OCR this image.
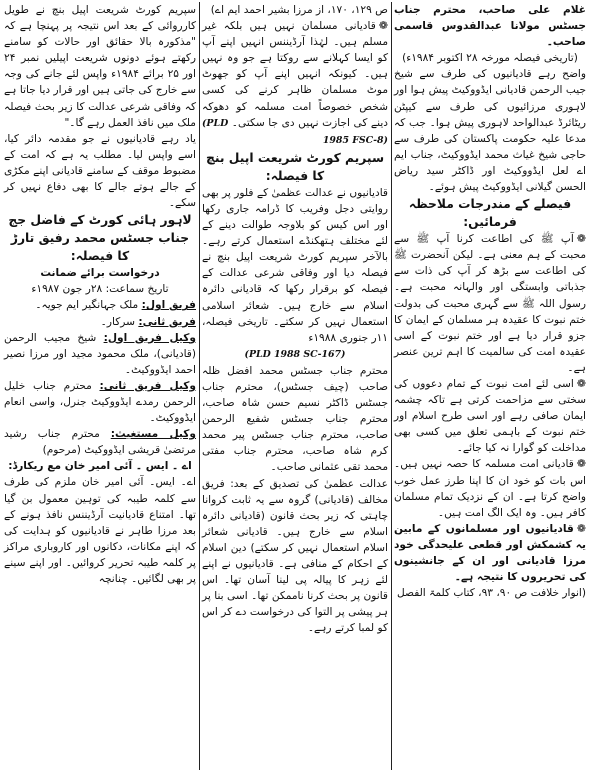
غلام علی صاحب، محترم جناب جسٹس مولانا عبدالقدوس قاسمی صاحب۔

(تاریخی فیصلہ مورخہ ۲۸ اکتوبر ۱۹۸۴ء)

واضح رہے قادیانیوں کی طرف سے شیخ جیب الرحمن قادیانی ایڈووکیٹ پیش ہوا اور لاہوری مرزائیوں کی طرف سے کیپٹن ریٹائرڈ عبدالواحد لاہوری پیش ہوا۔ جب کہ مدعا علیہ حکومت پاکستان کی طرف سے حاجی شیخ غیاث محمد ایڈووکیٹ، جناب ایم اے لعل ایڈووکیٹ اور ڈاکٹر سید ریاض الحسن گیلانی ایڈووکیٹ پیش ہوئے۔

فیصلے کے مندرجات ملاحظہ فرمائیں:

❁آپ ﷺ کی اطاعت کرنا آپ ﷺ سے محبت کے ہم معنی ہے۔ لیکن آنحضرت ﷺ کی اطاعت سے بڑھ کر آپ کی ذات سے جذباتی وابستگی اور والہانہ محبت ہے۔ رسول اللہ ﷺ سے گہری محبت کی بدولت ختم نبوت کا عقیدہ ہر مسلمان کے ایمان کا جزو قرار دیا ہے اور ختم نبوت کے اسی عقیدہ امت کی سالمیت کا اہم ترین عنصر ہے۔

❁اسی لئے امت نبوت کے تمام دعووں کی سختی سے مزاحمت کرتی ہے تاکہ چشمہ ایمان صافی رہے اور اسی طرح اسلام اور ختم نبوت کے باہمی تعلق میں کسی بھی مداخلت کو گوارا نہ کیا جائے۔

❁قادیانی امت مسلمہ کا حصہ نہیں ہیں۔ اس بات کو خود ان کا اپنا طرز عمل خوب واضح کرتا ہے۔ ان کے نزدیک تمام مسلمان کافر ہیں۔ وہ ایک الگ امت ہیں۔

❁قادیانیوں اور مسلمانوں کے مابین یہ کشمکش اور قطعی علیحدگی خود مرزا قادیانی اور ان کے جانشینوں کی تحریروں کا نتیجہ ہے۔

(انوار خلافت ص ۹۰، ۹۳، کتاب کلمۃ الفصل

ص ۱۲۹، ۱۷۰، از مرزا بشیر احمد ایم اے)

❁قادیانی مسلمان نہیں ہیں بلکہ غیر مسلم ہیں۔ لہٰذا آرڈیننس انہیں اپنے آپ کو ایسا کہلانے سے روکتا ہے جو وہ نہیں ہیں۔ کیونکہ انہیں اپنے آپ کو جھوٹ موٹ مسلمان ظاہر کرنے کی کسی شخص خصوصاً امت مسلمہ کو دھوکہ دینے کی اجازت نہیں دی جا سکتی۔ (PLD 1985 FSC-8)

سپریم کورٹ شریعت اپیل بنچ کا فیصلہ:

قادیانیوں نے عدالت عظمیٰ کے فلور پر بھی روایتی دجل وفریب کا ڈرامہ جاری رکھا اور اس کیس کو بلاوجہ طوالت دینے کے لئے مختلف ہتھکنڈے استعمال کرتے رہے۔ بالآخر سپریم کورٹ شریعت اپیل بنچ نے فیصلہ دیا اور وفاقی شرعی عدالت کے فیصلہ کو برقرار رکھا کہ قادیانی دائرہ اسلام سے خارج ہیں۔ شعائر اسلامی استعمال نہیں کر سکتے۔ تاریخی فیصلہ، ۱۱ر جنوری ۱۹۸۸ء

(PLD 1988 SC-167)

محترم جناب جسٹس محمد افضل ظلہ صاحب (چیف جسٹس)، محترم جناب جسٹس ڈاکٹر نسیم حسن شاہ صاحب، محترم جناب جسٹس شفیع الرحمن صاحب، محترم جناب جسٹس پیر محمد کرم شاہ صاحب، محترم جناب مفتی محمد تقی عثمانی صاحب۔

عدالت عظمیٰ کی تصدیق کے بعد: فریق مخالف (قادیانی) گروہ سے یہ ثابت کروانا چاہتی کہ زیر بحث قانون (قادیانی دائرہ اسلام سے خارج ہیں۔ قادیانی شعائر اسلام استعمال نہیں کر سکتے) دین اسلام کے احکام کے منافی ہے۔ قادیانیوں نے اپنے لئے زہر کا پیالہ پی لینا آسان تھا۔ اس قانون پر بحث کرنا ناممکن تھا۔ اسی بنا پر ہر پیشی پر التوا کی درخواست دے کر اس کو لمبا کرتے رہے۔

سپریم کورٹ شریعت اپیل بنچ نے طویل کارروائی کے بعد اس نتیجہ پر پہنچا ہے کہ "مذکورہ بالا حقائق اور حالات کو سامنے رکھتے ہوئے دونوں شریعت اپیلیں نمبر ۲۴ اور ۲۵ برائے ۱۹۸۴ء واپس لئے جانے کی وجہ سے خارج کی جاتی ہیں اور قرار دیا جاتا ہے کہ وفاقی شرعی عدالت کا زیر بحث فیصلہ ملک میں نافذ العمل رہے گا۔"

یاد رہے قادیانیوں نے جو مقدمہ دائر کیا، اسے واپس لیا۔ مطلب یہ ہے کہ امت کے مضبوط موقف کے سامنے قادیانی اپنے مکڑی کے جالے ہوتے جالے کا بھی دفاع نہیں کر سکے۔

لاہور ہائی کورٹ کے فاضل جج جناب جسٹس محمد رفیق تارڑ کا فیصلہ:

درخواست برائے ضمانت

تاریخ سماعت: ۲۸ر جون ۱۹۸۷ء

فریق اول: ملک جہانگیر ایم جویہ۔

فریق ثانی: سرکار۔

وکیل فریق اول: شیخ مجیب الرحمن (قادیانی)، ملک محمود مجید اور مرزا نصیر احمد ایڈووکیٹ۔

وکیل فریق ثانی: محترم جناب خلیل الرحمن رمدے ایڈووکیٹ جنرل، واسی انعام ایڈووکیٹ۔

وکیل مستغیث: محترم جناب رشید مرتضیٰ قریشی ایڈووکیٹ (مرحوم)

اے ۔ ایس ۔ آئی امیر خان مع ریکارڈ:

اے۔ ایس۔ آئی امیر خان ملزم کی طرف سے کلمہ طیبہ کی توہین معمول بن گیا تھا۔ امتناع قادیانیت آرڈیننس نافذ ہونے کے بعد مرزا طاہر نے قادیانیوں کو ہدایت کی کہ اپنے مکانات، دکانوں اور کاروباری مراکز پر کلمہ طیبہ تحریر کروائیں۔ اور اپنے سینے پر بھی لگائیں۔ چنانچہ
